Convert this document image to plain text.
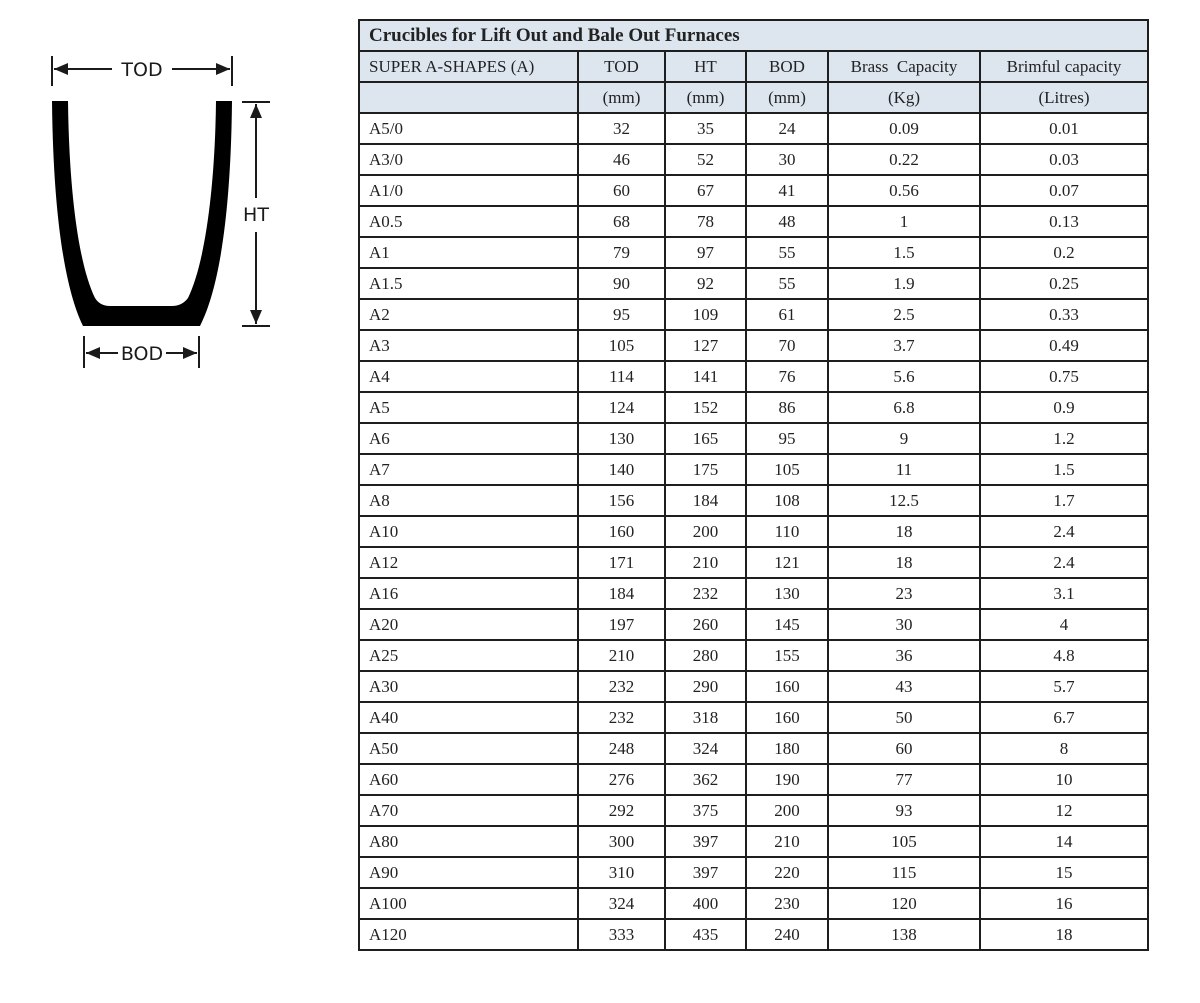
TOD
HT
BOD
Crucibles for Lift Out and Bale Out Furnaces					
SUPER A-SHAPES (A)	TOD	HT	BOD	Brass  Capacity	Brimful capacity
	(mm)	(mm)	(mm)	(Kg)	(Litres)
A5/0	32	35	24	0.09	0.01
A3/0	46	52	30	0.22	0.03
A1/0	60	67	41	0.56	0.07
A0.5	68	78	48	1	0.13
A1	79	97	55	1.5	0.2
A1.5	90	92	55	1.9	0.25
A2	95	109	61	2.5	0.33
A3	105	127	70	3.7	0.49
A4	114	141	76	5.6	0.75
A5	124	152	86	6.8	0.9
A6	130	165	95	9	1.2
A7	140	175	105	11	1.5
A8	156	184	108	12.5	1.7
A10	160	200	110	18	2.4
A12	171	210	121	18	2.4
A16	184	232	130	23	3.1
A20	197	260	145	30	4
A25	210	280	155	36	4.8
A30	232	290	160	43	5.7
A40	232	318	160	50	6.7
A50	248	324	180	60	8
A60	276	362	190	77	10
A70	292	375	200	93	12
A80	300	397	210	105	14
A90	310	397	220	115	15
A100	324	400	230	120	16
A120	333	435	240	138	18
